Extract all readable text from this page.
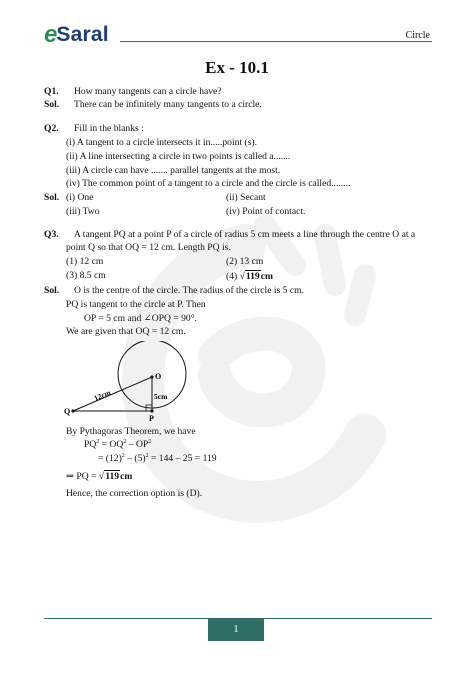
e Saral	Circle
Ex - 10.1
Q1. How many tangents can a circle have?
Sol. There can be infinitely many tangents to a circle.
Q2. Fill in the blanks :
(i) A tangent to a circle intersects it in.....point (s).
(ii) A line intersecting a circle in two points is called a.......
(iii) A circle can have ....... parallel tangents at the most.
(iv) The common point of a tangent to a circle and the circle is called........
Sol. (i) One	(ii) Secant
(iii) Two	(iv) Point of contact.
Q3. A tangent PQ at a point P of a circle of radius 5 cm meets a line through the centre O at a
point Q so that OQ = 12 cm. Length PQ is.
(1) 12 cm	(2) 13 cm
(3) 8.5 cm	(4) √119cm
Sol. O is the centre of the circle. The radius of the circle is 5 cm.
PQ is tangent to the circle at P. Then
OP = 5 cm and ∠OPQ = 90°.
We are given that OQ = 12 cm.
O
P
Q
12cm	5cm
By Pythagoras Theorem, we have
$PQ^2 = OQ^2 - OP^2$
= $(12)^2 - (5)^2 = 144 - 25 = 119$
⇒ PQ = √119cm
Hence, the correction option is (D).
1
